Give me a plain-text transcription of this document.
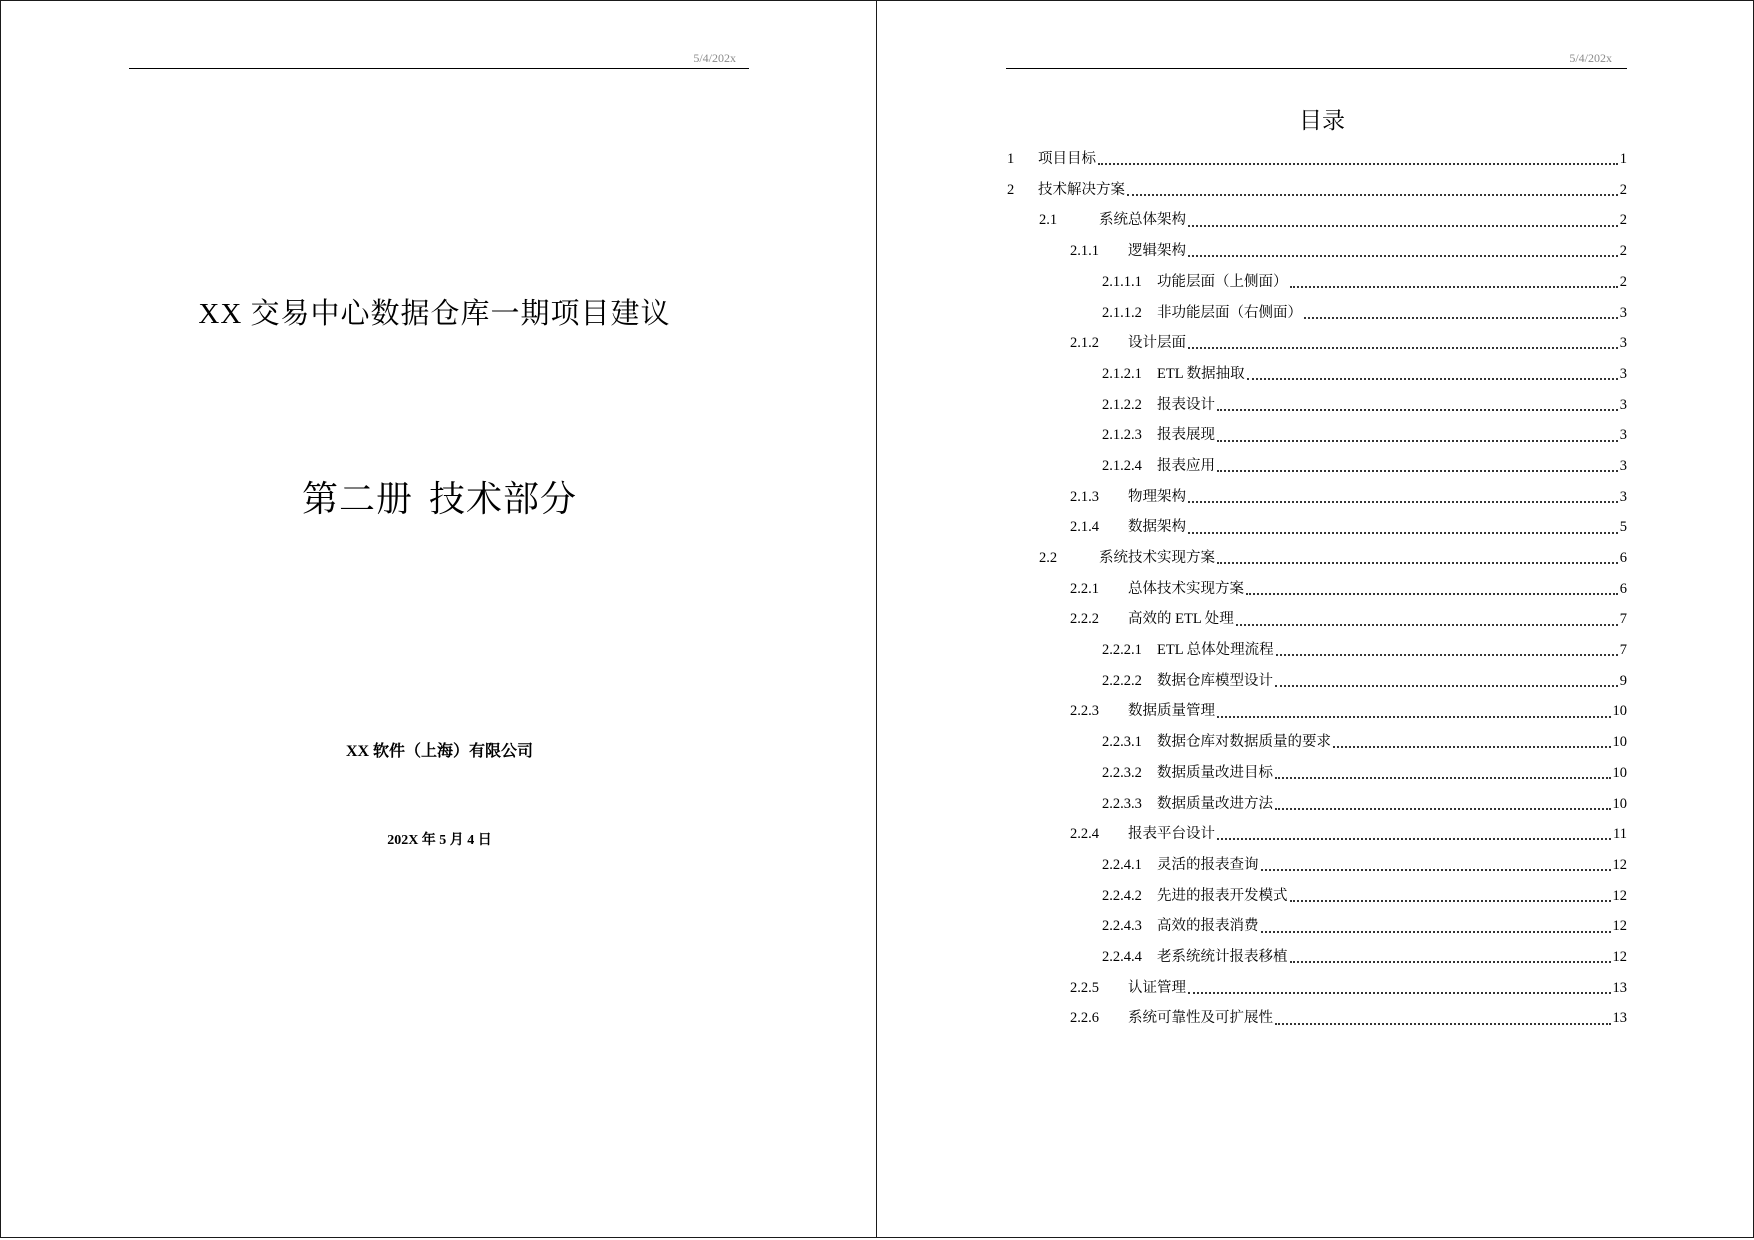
5/4/202x
XX 交易中心数据仓库一期项目建议
第二册 技术部分
XX 软件（上海）有限公司
202X 年 5 月 4 日
5/4/202x
目录
1	项目目标	1
2	技术解决方案	2
2.1	系统总体架构	2
2.1.1	逻辑架构	2
2.1.1.1	功能层面（上侧面）	2
2.1.1.2	非功能层面（右侧面）	3
2.1.2	设计层面	3
2.1.2.1	ETL 数据抽取	3
2.1.2.2	报表设计	3
2.1.2.3	报表展现	3
2.1.2.4	报表应用	3
2.1.3	物理架构	3
2.1.4	数据架构	5
2.2	系统技术实现方案	6
2.2.1	总体技术实现方案	6
2.2.2	高效的 ETL 处理	7
2.2.2.1	ETL 总体处理流程	7
2.2.2.2	数据仓库模型设计	9
2.2.3	数据质量管理	10
2.2.3.1	数据仓库对数据质量的要求	10
2.2.3.2	数据质量改进目标	10
2.2.3.3	数据质量改进方法	10
2.2.4	报表平台设计	11
2.2.4.1	灵活的报表查询	12
2.2.4.2	先进的报表开发模式	12
2.2.4.3	高效的报表消费	12
2.2.4.4	老系统统计报表移植	12
2.2.5	认证管理	13
2.2.6	系统可靠性及可扩展性	13
